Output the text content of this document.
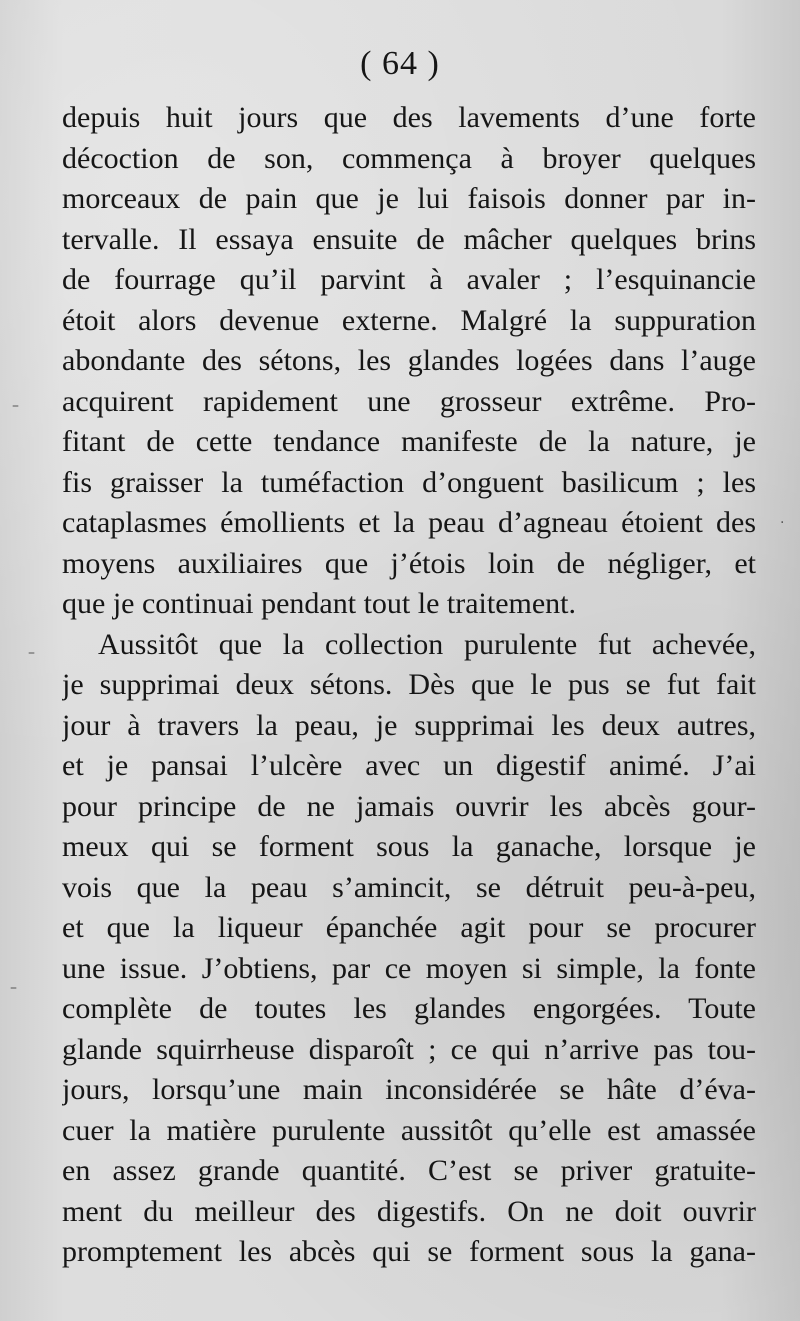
( 64 )
depuis huit jours que des lavements d’une forte
décoction de son, commença à broyer quelques
morceaux de pain que je lui faisois donner par in-
tervalle. Il essaya ensuite de mâcher quelques brins
de fourrage qu’il parvint à avaler ; l’esquinancie
étoit alors devenue externe. Malgré la suppuration
abondante des sétons, les glandes logées dans l’auge
acquirent rapidement une grosseur extrême. Pro-
fitant de cette tendance manifeste de la nature, je
fis graisser la tuméfaction d’onguent basilicum ; les
cataplasmes émollients et la peau d’agneau étoient des
moyens auxiliaires que j’étois loin de négliger, et
que je continuai pendant tout le traitement.
Aussitôt que la collection purulente fut achevée,
je supprimai deux sétons. Dès que le pus se fut fait
jour à travers la peau, je supprimai les deux autres,
et je pansai l’ulcère avec un digestif animé. J’ai
pour principe de ne jamais ouvrir les abcès gour-
meux qui se forment sous la ganache, lorsque je
vois que la peau s’amincit, se détruit peu-à-peu,
et que la liqueur épanchée agit pour se procurer
une issue. J’obtiens, par ce moyen si simple, la fonte
complète de toutes les glandes engorgées. Toute
glande squirrheuse disparoît ; ce qui n’arrive pas tou-
jours, lorsqu’une main inconsidérée se hâte d’éva-
cuer la matière purulente aussitôt qu’elle est amassée
en assez grande quantité. C’est se priver gratuite-
ment du meilleur des digestifs. On ne doit ouvrir
promptement les abcès qui se forment sous la gana-
–
·
–
–
